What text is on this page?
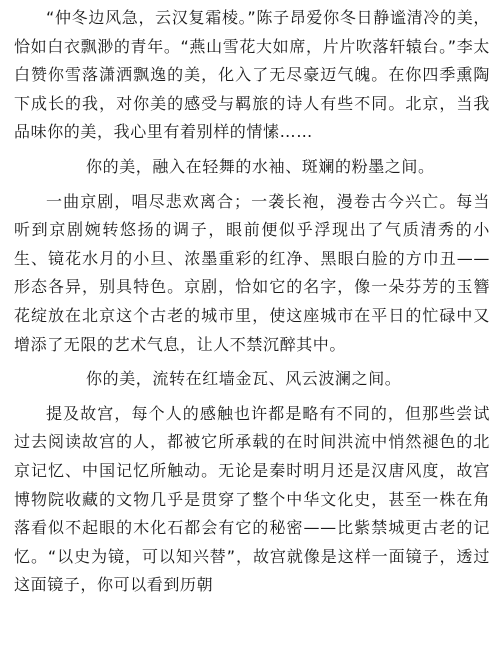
“仲冬边风急，云汉复霜棱。”陈子昂爱你冬日静谧清冷的美，恰如白衣飘渺的青年。“燕山雪花大如席，片片吹落轩辕台。”李太白赞你雪落潇洒飘逸的美，化入了无尽豪迈气魄。在你四季熏陶下成长的我，对你美的感受与羁旅的诗人有些不同。北京，当我品味你的美，我心里有着别样的情愫……

你的美，融入在轻舞的水袖、斑斓的粉墨之间。

一曲京剧，唱尽悲欢离合；一袭长袍，漫卷古今兴亡。每当听到京剧婉转悠扬的调子，眼前便似乎浮现出了气质清秀的小生、镜花水月的小旦、浓墨重彩的红净、黑眼白脸的方巾丑——形态各异，别具特色。京剧，恰如它的名字，像一朵芬芳的玉簪花绽放在北京这个古老的城市里，使这座城市在平日的忙碌中又增添了无限的艺术气息，让人不禁沉醉其中。

你的美，流转在红墙金瓦、风云波澜之间。

提及故宫，每个人的感触也许都是略有不同的，但那些尝试过去阅读故宫的人，都被它所承载的在时间洪流中悄然褪色的北京记忆、中国记忆所触动。无论是秦时明月还是汉唐风度，故宫博物院收藏的文物几乎是贯穿了整个中华文化史，甚至一株在角落看似不起眼的木化石都会有它的秘密——比紫禁城更古老的记忆。“以史为镜，可以知兴替”，故宫就像是这样一面镜子，透过这面镜子，你可以看到历朝
